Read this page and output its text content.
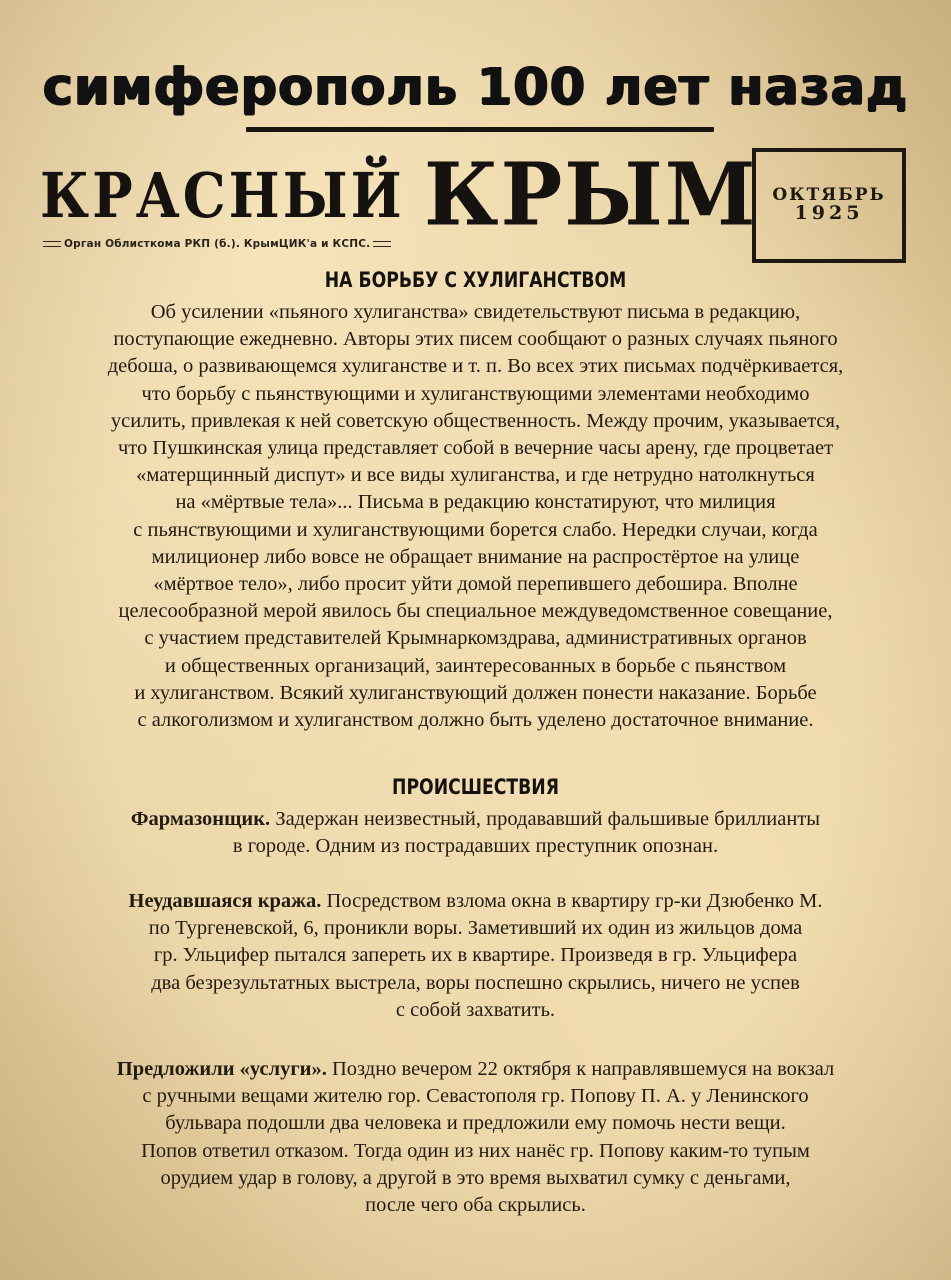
симферополь 100 лет назад
КРАСНЫЙ КРЫМ
Орган Облисткома РКП (б.). КрымЦИК'а и КСПС.
ОКТЯБРЬ
1925
НА БОРЬБУ С ХУЛИГАНСТВОМ
Об усилении «пьяного хулиганства» свидетельствуют письма в редакцию,
поступающие ежедневно. Авторы этих писем сообщают о разных случаях пьяного
дебоша, о развивающемся хулиганстве и т. п. Во всех этих письмах подчёркивается,
что борьбу с пьянствующими и хулиганствующими элементами необходимо
усилить, привлекая к ней советскую общественность. Между прочим, указывается,
что Пушкинская улица представляет собой в вечерние часы арену, где процветает
«матерщинный диспут» и все виды хулиганства, и где нетрудно натолкнуться
на «мёртвые тела»... Письма в редакцию констатируют, что милиция
с пьянствующими и хулиганствующими борется слабо. Нередки случаи, когда
милиционер либо вовсе не обращает внимание на распростёртое на улице
«мёртвое тело», либо просит уйти домой перепившего дебошира. Вполне
целесообразной мерой явилось бы специальное междуведомственное совещание,
с участием представителей Крымнаркомздрава, административных органов
и общественных организаций, заинтересованных в борьбе с пьянством
и хулиганством. Всякий хулиганствующий должен понести наказание. Борьбе
с алкоголизмом и хулиганством должно быть уделено достаточное внимание.
ПРОИСШЕСТВИЯ
Фармазонщик. Задержан неизвестный, продававший фальшивые бриллианты
в городе. Одним из пострадавших преступник опознан.
Неудавшаяся кража. Посредством взлома окна в квартиру гр-ки Дзюбенко М.
по Тургеневской, 6, проникли воры. Заметивший их один из жильцов дома
гр. Ульцифер пытался запереть их в квартире. Произведя в гр. Ульцифера
два безрезультатных выстрела, воры поспешно скрылись, ничего не успев
с собой захватить.
Предложили «услуги». Поздно вечером 22 октября к направлявшемуся на вокзал
с ручными вещами жителю гор. Севастополя гр. Попову П. А. у Ленинского
бульвара подошли два человека и предложили ему помочь нести вещи.
Попов ответил отказом. Тогда один из них нанёс гр. Попову каким-то тупым
орудием удар в голову, а другой в это время выхватил сумку с деньгами,
после чего оба скрылись.
